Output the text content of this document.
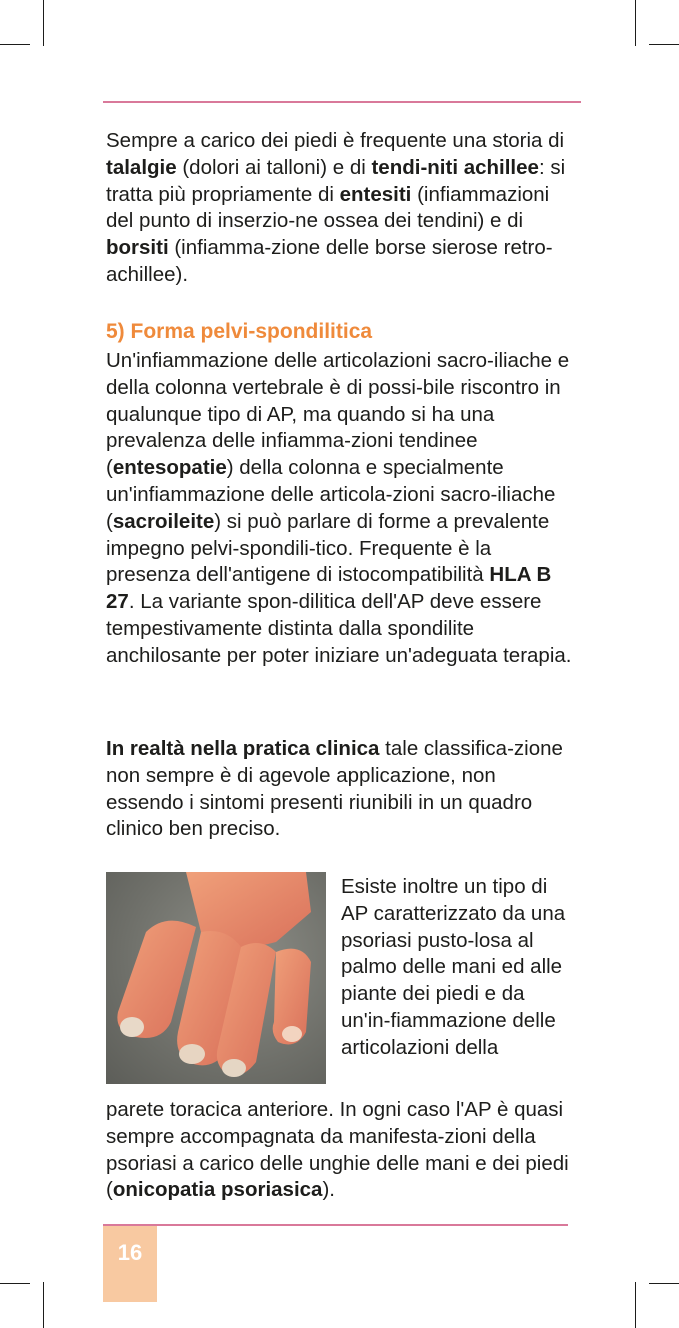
Sempre a carico dei piedi è frequente una storia di talalgie (dolori ai talloni) e di tendi-niti achillee: si tratta più propriamente di entesiti (infiammazioni del punto di inserzio-ne ossea dei tendini) e di borsiti (infiamma-zione delle borse sierose retro-achillee).

5) Forma pelvi-spondilitica

Un'infiammazione delle articolazioni sacro-iliache e della colonna vertebrale è di possi-bile riscontro in qualunque tipo di AP, ma quando si ha una prevalenza delle infiamma-zioni tendinee (entesopatie) della colonna e specialmente un'infiammazione delle articola-zioni sacro-iliache (sacroileite) si può parlare di forme a prevalente impegno pelvi-spondili-tico. Frequente è la presenza dell'antigene di istocompatibilità HLA B 27. La variante spon-dilitica dell'AP deve essere tempestivamente distinta dalla spondilite anchilosante per poter iniziare un'adeguata terapia.

In realtà nella pratica clinica tale classifica-zione non sempre è di agevole applicazione, non essendo i sintomi presenti riunibili in un quadro clinico ben preciso.

Esiste inoltre un tipo di AP caratterizzato da una psoriasi pusto-losa al palmo delle mani ed alle piante dei piedi e da un'in-fiammazione delle articolazioni della

parete toracica anteriore. In ogni caso l'AP è quasi sempre accompagnata da manifesta-zioni della psoriasi a carico delle unghie delle mani e dei piedi (onicopatia psoriasica).

16
